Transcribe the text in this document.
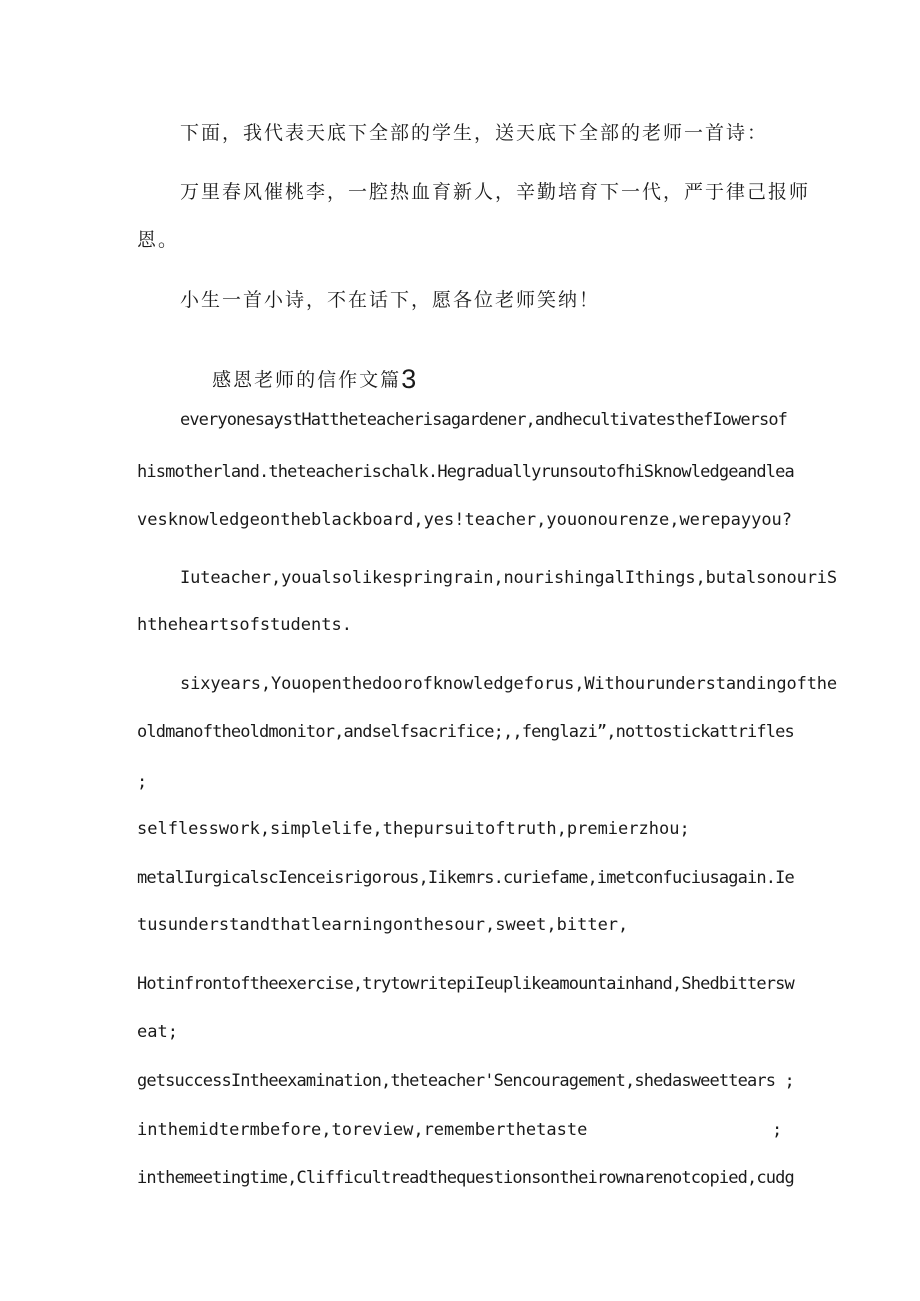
下面，我代表天底下全部的学生，送天底下全部的老师一首诗：
万里春风催桃李，一腔热血育新人，辛勤培育下一代，严于律己报师
恩。
小生一首小诗，不在话下，愿各位老师笑纳！

感恩老师的信作文篇3

everyonesaystHattheteacherisagardener,andhecultivatesthefIowersof
hismotherland.theteacherischalk.HegraduallyrunsoutofhiSknowledgeandlea
vesknowledgeontheblackboard,yes!teacher,youonourenze,werepayyou?
Iuteacher,youalsolikespringrain,nourishingalIthings,butalsonouriS
htheheartsofstudents.
sixyears,Youopenthedoorofknowledgeforus,Withourunderstandingofthe
oldmanoftheoldmonitor,andselfsacrifice;,,fenglazi”,nottostickattrifles
;
selflesswork,simplelife,thepursuitoftruth,premierzhou;
metalIurgicalscIenceisrigorous,Iikemrs.curiefame,imetconfuciusagain.Ie
tusunderstandthatlearningonthesour,sweet,bitter,
Hotinfrontoftheexercise,trytowritepiIeuplikeamountainhand,Shedbittersw
eat;
getsuccessIntheexamination,theteacher'Sencouragement,shedasweettears ;
inthemidtermbefore,toreview,rememberthetaste	;
inthemeetingtime,Clifficultreadthequestionsontheirownarenotcopied,cudg
